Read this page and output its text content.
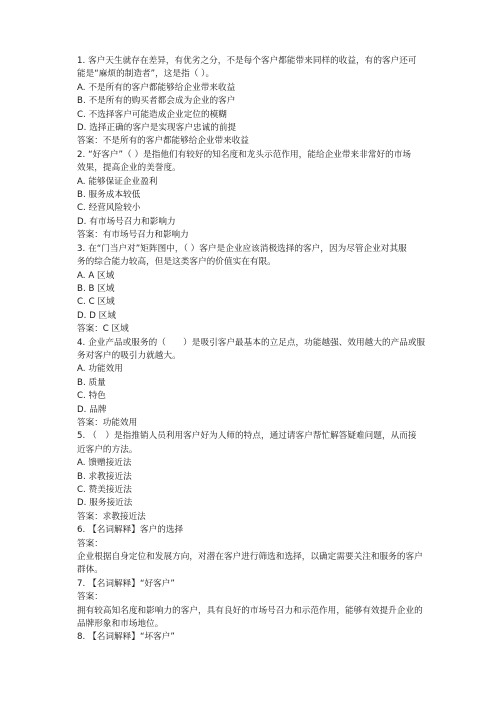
1. 客户天生就存在差异，有优劣之分，不是每个客户都能带来同样的收益，有的客户还可
能是“麻烦的制造者”，这是指（ ）。
A. 不是所有的客户都能够给企业带来收益
B. 不是所有的购买者都会成为企业的客户
C. 不选择客户可能造成企业定位的模糊
D. 选择正确的客户是实现客户忠诚的前提
答案：不是所有的客户都能够给企业带来收益
2. “好客户”（ ）是指他们有较好的知名度和龙头示范作用，能给企业带来非常好的市场
效果，提高企业的美誉度。
A. 能够保证企业盈利
B. 服务成本较低
C. 经营风险较小
D. 有市场号召力和影响力
答案：有市场号召力和影响力
3. 在“门当户对”矩阵图中，（ ）客户是企业应该消极选择的客户，因为尽管企业对其服
务的综合能力较高，但是这类客户的价值实在有限。
A. A 区域
B. B 区域
C. C 区域
D. D 区域
答案：C 区域
4. 企业产品或服务的（　　）是吸引客户最基本的立足点，功能越强、效用越大的产品或服
务对客户的吸引力就越大。
A. 功能效用
B. 质量
C. 特色
D. 品牌
答案：功能效用
5. （　）是指推销人员利用客户好为人师的特点，通过请客户帮忙解答疑难问题，从而接
近客户的方法。
A. 馈赠接近法
B. 求教接近法
C. 赞美接近法
D. 服务接近法
答案：求教接近法
6. 【名词解释】客户的选择
答案：
企业根据自身定位和发展方向，对潜在客户进行筛选和选择，以确定需要关注和服务的客户
群体。
7. 【名词解释】“好客户”
答案：
拥有较高知名度和影响力的客户，具有良好的市场号召力和示范作用，能够有效提升企业的
品牌形象和市场地位。
8. 【名词解释】“坏客户”
